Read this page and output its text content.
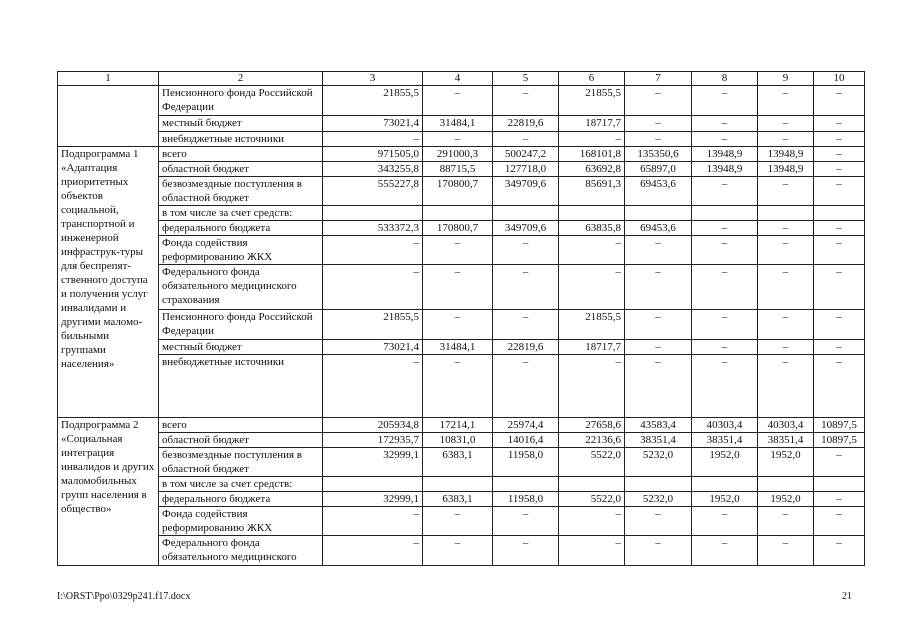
1	2	3	4	5	6	7	8	9	10
	Пенсионного фонда Российской Федерации	21855,5	–	–	21855,5	–	–	–	–
	местный бюджет	73021,4	31484,1	22819,6	18717,7	–	–	–	–
	внебюджетные источники	–	–	–	–	–	–	–	–
Подпрограмма 1 «Адаптация приоритетных объектов социальной, транспортной и инженерной инфраструк-туры для беспрепят-ственного доступа и получения услуг инвалидами и другими маломо-бильными группами населения»	всего	971505,0	291000,3	500247,2	168101,8	135350,6	13948,9	13948,9	–
	областной бюджет	343255,8	88715,5	127718,0	63692,8	65897,0	13948,9	13948,9	–
	безвозмездные поступления в областной бюджет	555227,8	170800,7	349709,6	85691,3	69453,6	–	–	–
	в том числе за счет средств:								
	федерального бюджета	533372,3	170800,7	349709,6	63835,8	69453,6	–	–	–
	Фонда содействия реформированию ЖКХ	–	–	–	–	–	–	–	–
	Федерального фонда обязательного медицинского страхования	–	–	–	–	–	–	–	–
	Пенсионного фонда Российской Федерации	21855,5	–	–	21855,5	–	–	–	–
	местный бюджет	73021,4	31484,1	22819,6	18717,7	–	–	–	–
	внебюджетные источники	–	–	–	–	–	–	–	–
Подпрограмма 2 «Социальная интеграция инвалидов и других маломобильных групп населения в общество»	всего	205934,8	17214,1	25974,4	27658,6	43583,4	40303,4	40303,4	10897,5
	областной бюджет	172935,7	10831,0	14016,4	22136,6	38351,4	38351,4	38351,4	10897,5
	безвозмездные поступления в областной бюджет	32999,1	6383,1	11958,0	5522,0	5232,0	1952,0	1952,0	–
	в том числе за счет средств:								
	федерального бюджета	32999,1	6383,1	11958,0	5522,0	5232,0	1952,0	1952,0	–
	Фонда содействия реформированию ЖКХ	–	–	–	–	–	–	–	–
	Федерального фонда обязательного медицинского	–	–	–	–	–	–	–	–
I:\ORST\Ppo\0329p241.f17.docx	21
